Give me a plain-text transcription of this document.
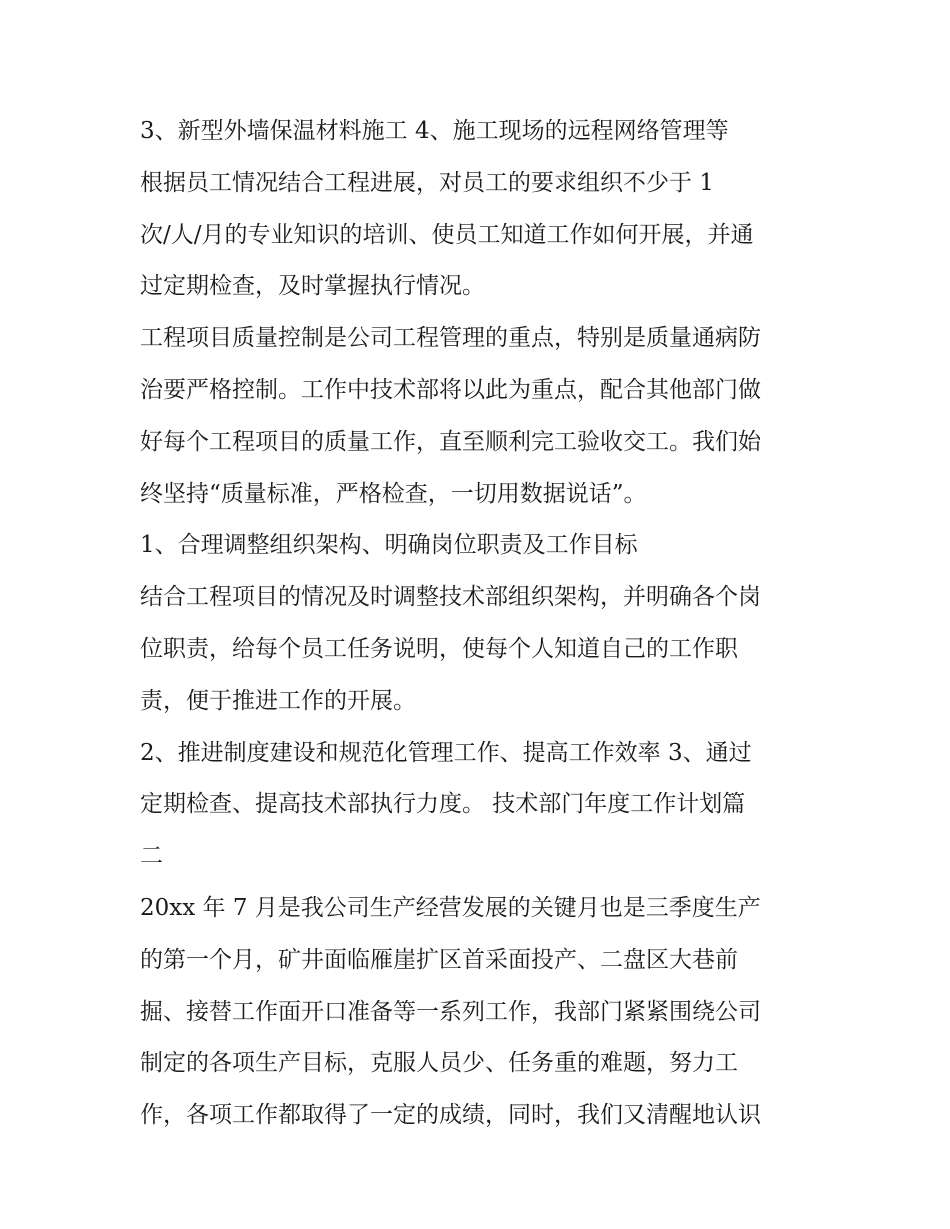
3、新型外墙保温材料施工 4、施工现场的远程网络管理等
根据员工情况结合工程进展，对员工的要求组织不少于 1
次/人/月的专业知识的培训、使员工知道工作如何开展，并通
过定期检查，及时掌握执行情况。
工程项目质量控制是公司工程管理的重点，特别是质量通病防
治要严格控制。工作中技术部将以此为重点，配合其他部门做
好每个工程项目的质量工作，直至顺利完工验收交工。我们始
终坚持“质量标准，严格检查，一切用数据说话”。
1、合理调整组织架构、明确岗位职责及工作目标
结合工程项目的情况及时调整技术部组织架构，并明确各个岗
位职责，给每个员工任务说明，使每个人知道自己的工作职
责，便于推进工作的开展。
2、推进制度建设和规范化管理工作、提高工作效率 3、通过
定期检查、提高技术部执行力度。 技术部门年度工作计划篇
二
20xx 年 7 月是我公司生产经营发展的关键月也是三季度生产
的第一个月，矿井面临雁崖扩区首采面投产、二盘区大巷前
掘、接替工作面开口准备等一系列工作，我部门紧紧围绕公司
制定的各项生产目标，克服人员少、任务重的难题，努力工
作，各项工作都取得了一定的成绩，同时，我们又清醒地认识
